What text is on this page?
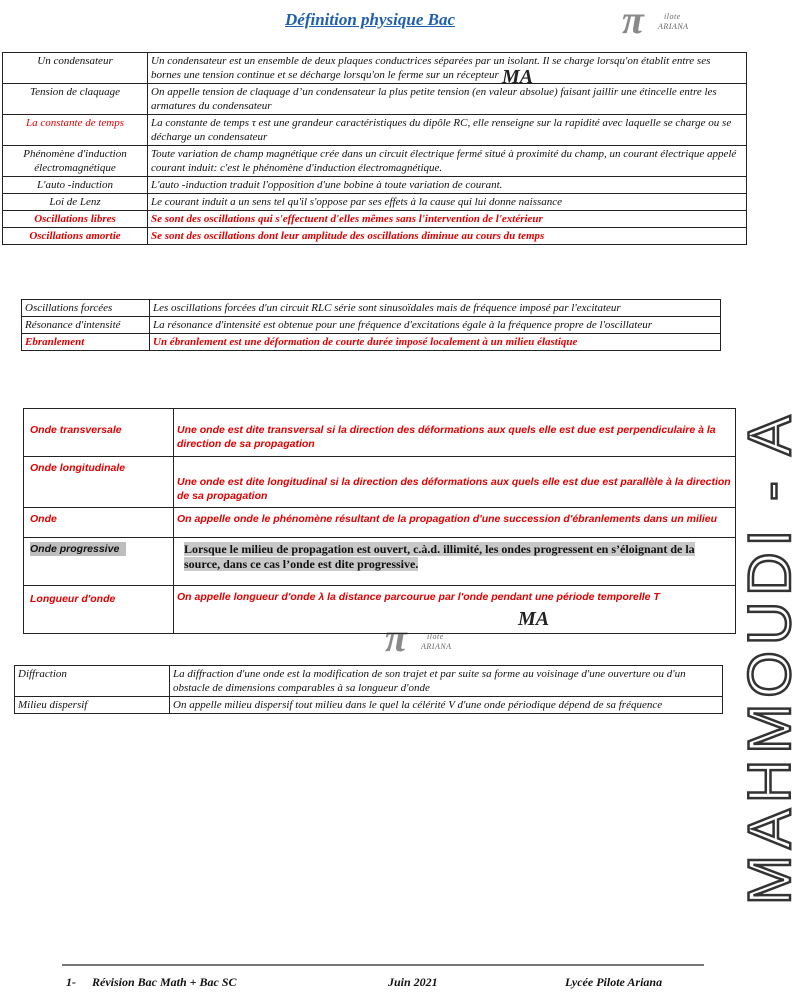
Définition physique Bac	π	ilote
ARIANA
π	ilote
ARIANA
Un condensateur	Un condensateur est un ensemble de deux plaques conductrices séparées par un isolant. Il se charge lorsqu'on établit entre ses bornes une tension continue et se décharge lorsqu'on le ferme sur un récepteur
Tension de claquage	On appelle tension de claquage d’un condensateur la plus petite tension (en valeur absolue) faisant jaillir une étincelle entre les armatures du condensateur
La constante de temps	La constante de temps τ est une grandeur caractéristiques du dipôle RC, elle renseigne sur la rapidité avec laquelle se charge ou se décharge un condensateur
Phénomène d'induction électromagnétique	Toute variation de champ magnétique crée dans un circuit électrique fermé situé à proximité du champ, un courant électrique appelé courant induit: c'est le phénomène d'induction électromagnétique.
L'auto -induction	L'auto -induction traduit l'opposition d'une bobine à toute variation de courant.
Loi de Lenz	Le courant induit a un sens tel qu'il s'oppose par ses effets à la cause qui lui donne naissance
Oscillations libres	Se sont des oscillations qui s'effectuent d'elles mêmes sans l'intervention de l'extérieur
Oscillations amortie	Se sont des oscillations dont leur amplitude des oscillations diminue au cours du temps
Oscillations forcées	Les oscillations forcées d'un circuit RLC série sont sinusoïdales mais de fréquence imposé par l'excitateur
Résonance d'intensité	La résonance d'intensité est obtenue pour une fréquence d'excitations égale à la fréquence propre de l'oscillateur
Ebranlement	Un ébranlement est une déformation de courte durée imposé localement à un milieu élastique
Onde transversale	Une onde est dite transversal si la direction des déformations aux quels elle est due est perpendiculaire à la direction de sa propagation
Onde longitudinale	Une onde est dite longitudinal si la direction des déformations aux quels elle est due est parallèle à la direction de sa propagation
Onde	On appelle onde le phénomène résultant de la propagation d'une succession d'ébranlements dans un milieu
Onde progressive	Lorsque le milieu de propagation est ouvert, c.à.d. illimité, les ondes progressent en s’éloignant de la source, dans ce cas l’onde est dite progressive.
Longueur d'onde	On appelle longueur d'onde λ la distance parcourue par l'onde pendant une période temporelle T
Diffraction	La diffraction d'une onde est la modification de son trajet et par suite sa forme au voisinage d'une ouverture ou d'un obstacle de dimensions comparables à sa longueur d'onde
Milieu dispersif	On appelle milieu dispersif tout milieu dans le quel la célérité V d'une onde périodique dépend de sa fréquence
MA
MA	MAHMOUDI - A
1- Révision Bac Math + Bac SC	Juin 2021	Lycée Pilote Ariana
